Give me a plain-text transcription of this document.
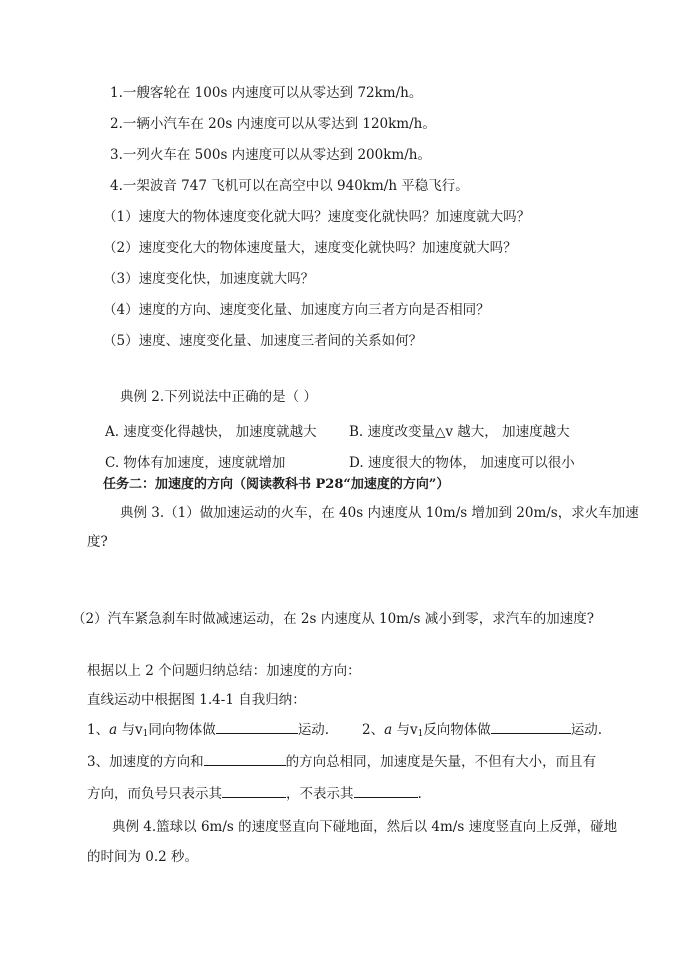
1.一艘客轮在 100s 内速度可以从零达到 72km/h。
2.一辆小汽车在 20s 内速度可以从零达到 120km/h。
3.一列火车在 500s 内速度可以从零达到 200km/h。
4.一架波音 747 飞机可以在高空中以 940km/h 平稳飞行。
（1）速度大的物体速度变化就大吗？速度变化就快吗？加速度就大吗？
（2）速度变化大的物体速度量大，速度变化就快吗？加速度就大吗？
（3）速度变化快，加速度就大吗？
（4）速度的方向、速度变化量、加速度方向三者方向是否相同？
（5）速度、速度变化量、加速度三者间的关系如何？
典例 2.下列说法中正确的是（ ）
A. 速度变化得越快， 加速度就越大 B. 速度改变量△v 越大， 加速度越大
C. 物体有加速度，速度就增加	D. 速度很大的物体， 加速度可以很小
任务二：加速度的方向（阅读教科书 P28“加速度的方向”）
典例 3.（1）做加速运动的火车，在 40s 内速度从 10m/s 增加到 20m/s，求火车加速
度?
（2）汽车紧急刹车时做减速运动，在 2s 内速度从 10m/s 减小到零，求汽车的加速度?
根据以上 2 个问题归纳总结：加速度的方向：
直线运动中根据图 1.4-1 自我归纳：
1、a 与$v_1$同向物体做	运动. 2、a 与$v_1$反向物体做	运动.
3、加速度的方向和	的方向总相同，加速度是矢量，不但有大小，而且有
方向，而负号只表示其	，不表示其	.
典例 4.篮球以 6m/s 的速度竖直向下碰地面，然后以 4m/s 速度竖直向上反弹，碰地
的时间为 0.2 秒。
